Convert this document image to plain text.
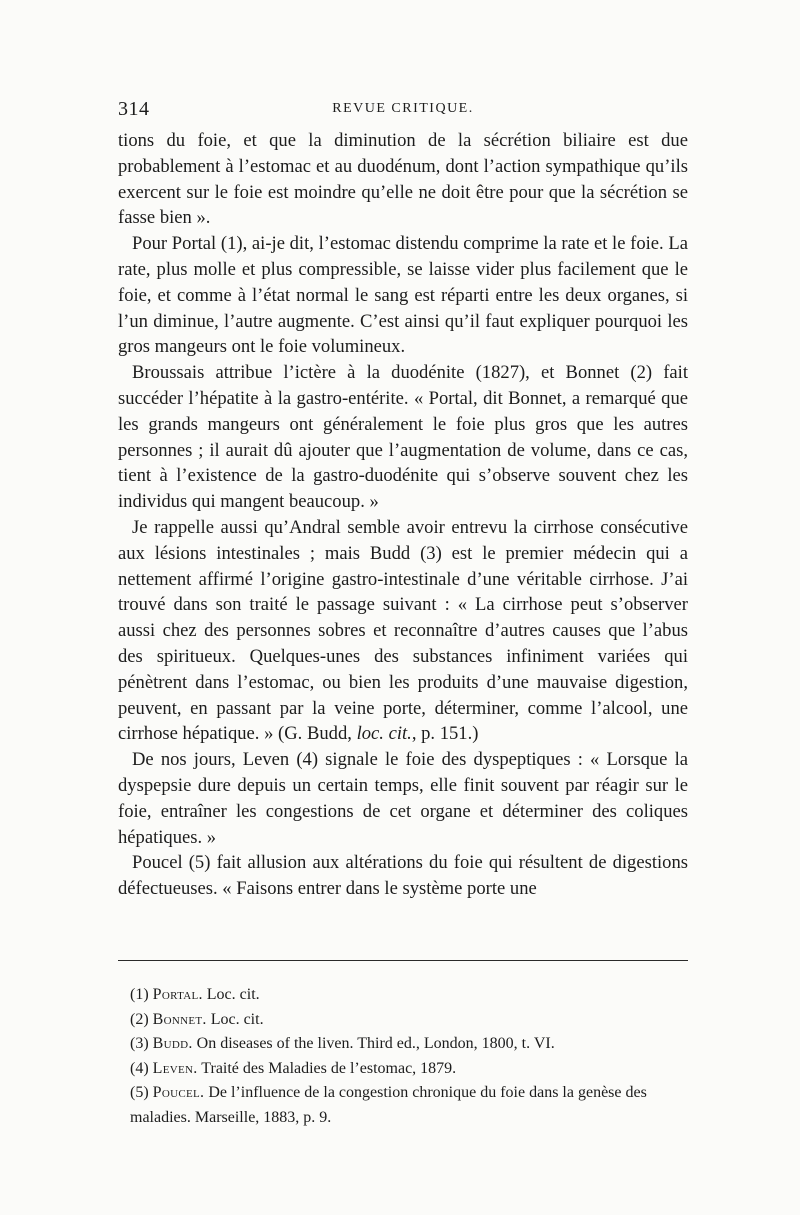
314	REVUE CRITIQUE.

tions du foie, et que la diminution de la sécrétion biliaire est due probablement à l’estomac et au duodénum, dont l’action sympathique qu’ils exercent sur le foie est moindre qu’elle ne doit être pour que la sécrétion se fasse bien ».

Pour Portal (1), ai-je dit, l’estomac distendu comprime la rate et le foie. La rate, plus molle et plus compressible, se laisse vider plus facilement que le foie, et comme à l’état normal le sang est réparti entre les deux organes, si l’un diminue, l’autre augmente. C’est ainsi qu’il faut expliquer pourquoi les gros mangeurs ont le foie volumineux.

Broussais attribue l’ictère à la duodénite (1827), et Bonnet (2) fait succéder l’hépatite à la gastro-entérite. « Portal, dit Bonnet, a remarqué que les grands mangeurs ont généralement le foie plus gros que les autres personnes ; il aurait dû ajouter que l’augmentation de volume, dans ce cas, tient à l’existence de la gastro-duodénite qui s’observe souvent chez les individus qui mangent beaucoup. »

Je rappelle aussi qu’Andral semble avoir entrevu la cirrhose consécutive aux lésions intestinales ; mais Budd (3) est le premier médecin qui a nettement affirmé l’origine gastro-intestinale d’une véritable cirrhose. J’ai trouvé dans son traité le passage suivant : « La cirrhose peut s’observer aussi chez des personnes sobres et reconnaître d’autres causes que l’abus des spiritueux. Quelques-unes des substances infiniment variées qui pénètrent dans l’estomac, ou bien les produits d’une mauvaise digestion, peuvent, en passant par la veine porte, déterminer, comme l’alcool, une cirrhose hépatique. » (G. Budd, loc. cit., p. 151.)

De nos jours, Leven (4) signale le foie des dyspeptiques : « Lorsque la dyspepsie dure depuis un certain temps, elle finit souvent par réagir sur le foie, entraîner les congestions de cet organe et déterminer des coliques hépatiques. »

Poucel (5) fait allusion aux altérations du foie qui résultent de digestions défectueuses. « Faisons entrer dans le système porte une

(1) Portal. Loc. cit.

(2) Bonnet. Loc. cit.

(3) Budd. On diseases of the liven. Third ed., London, 1800, t. VI.

(4) Leven. Traité des Maladies de l’estomac, 1879.

(5) Poucel. De l’influence de la congestion chronique du foie dans la genèse des maladies. Marseille, 1883, p. 9.
